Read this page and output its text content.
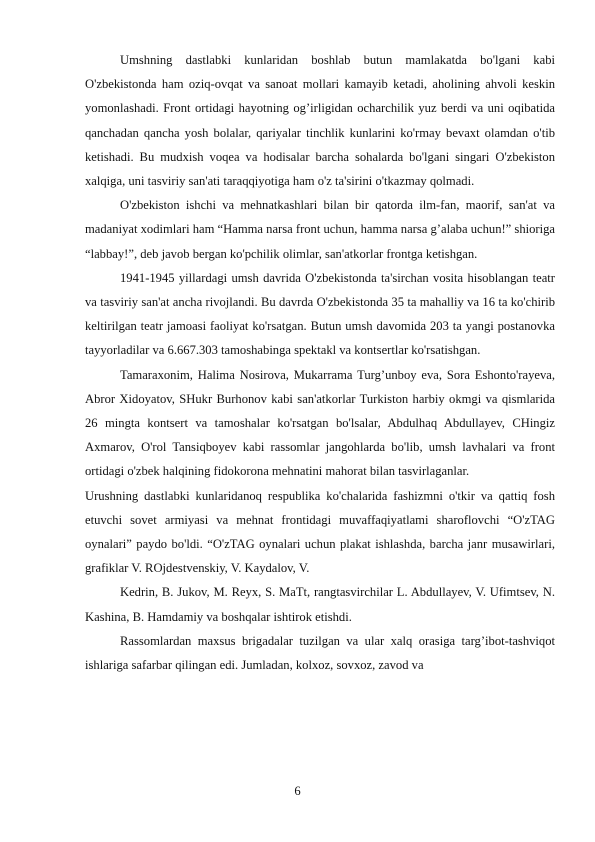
Umshning dastlabki kunlaridan boshlab butun mamlakatda bo'lgani kabi O'zbekistonda ham oziq-ovqat va sanoat mollari kamayib ketadi, aholining ahvoli keskin yomonlashadi. Front ortidagi hayotning og’irligidan ocharchilik yuz berdi va uni oqibatida qanchadan qancha yosh bolalar, qariyalar tinchlik kunlarini ko'rmay bevaxt olamdan o'tib ketishadi. Bu mudxish voqea va hodisalar barcha sohalarda bo'lgani singari O'zbekiston xalqiga, uni tasviriy san'ati taraqqiyotiga ham o'z ta'sirini o'tkazmay qolmadi.

O'zbekiston ishchi va mehnatkashlari bilan bir qatorda ilm-fan, maorif, san'at va madaniyat xodimlari ham “Hamma narsa front uchun, hamma narsa g’alaba uchun!” shioriga “labbay!”, deb javob bergan ko'pchilik olimlar, san'atkorlar frontga ketishgan.

1941-1945 yillardagi umsh davrida O'zbekistonda ta'sirchan vosita hisoblangan teatr va tasviriy san'at ancha rivojlandi. Bu davrda O'zbekistonda 35 ta mahalliy va 16 ta ko'chirib keltirilgan teatr jamoasi faoliyat ko'rsatgan. Butun umsh davomida 203 ta yangi postanovka tayyorladilar va 6.667.303 tamoshabinga spektakl va kontsertlar ko'rsatishgan.

Tamaraxonim, Halima Nosirova, Mukarrama Turg’unboy eva, Sora Eshonto'rayeva, Abror Xidoyatov, SHukr Burhonov kabi san'atkorlar Turkiston harbiy okmgi va qismlarida 26 mingta kontsert va tamoshalar ko'rsatgan bo'lsalar, Abdulhaq Abdullayev, CHingiz Axmarov, O'rol Tansiqboyev kabi rassomlar jangohlarda bo'lib, umsh lavhalari va front ortidagi o'zbek halqining fidokorona mehnatini mahorat bilan tasvirlaganlar.

Urushning dastlabki kunlaridanoq respublika ko'chalarida fashizmni o'tkir va qattiq fosh etuvchi sovet armiyasi va mehnat frontidagi muvaffaqiyatlami sharoflovchi “O'zTAG oynalari” paydo bo'ldi. “O'zTAG oynalari uchun plakat ishlashda, barcha janr musawirlari, grafiklar V. ROjdestvenskiy, V. Kaydalov, V.

Kedrin, B. Jukov, M. Reyx, S. MaTt, rangtasvirchilar L. Abdullayev, V. Ufimtsev, N. Kashina, B. Hamdamiy va boshqalar ishtirok etishdi.

Rassomlardan maxsus brigadalar tuzilgan va ular xalq orasiga targ’ibot-tashviqot ishlariga safarbar qilingan edi. Jumladan, kolxoz, sovxoz, zavod va

6
